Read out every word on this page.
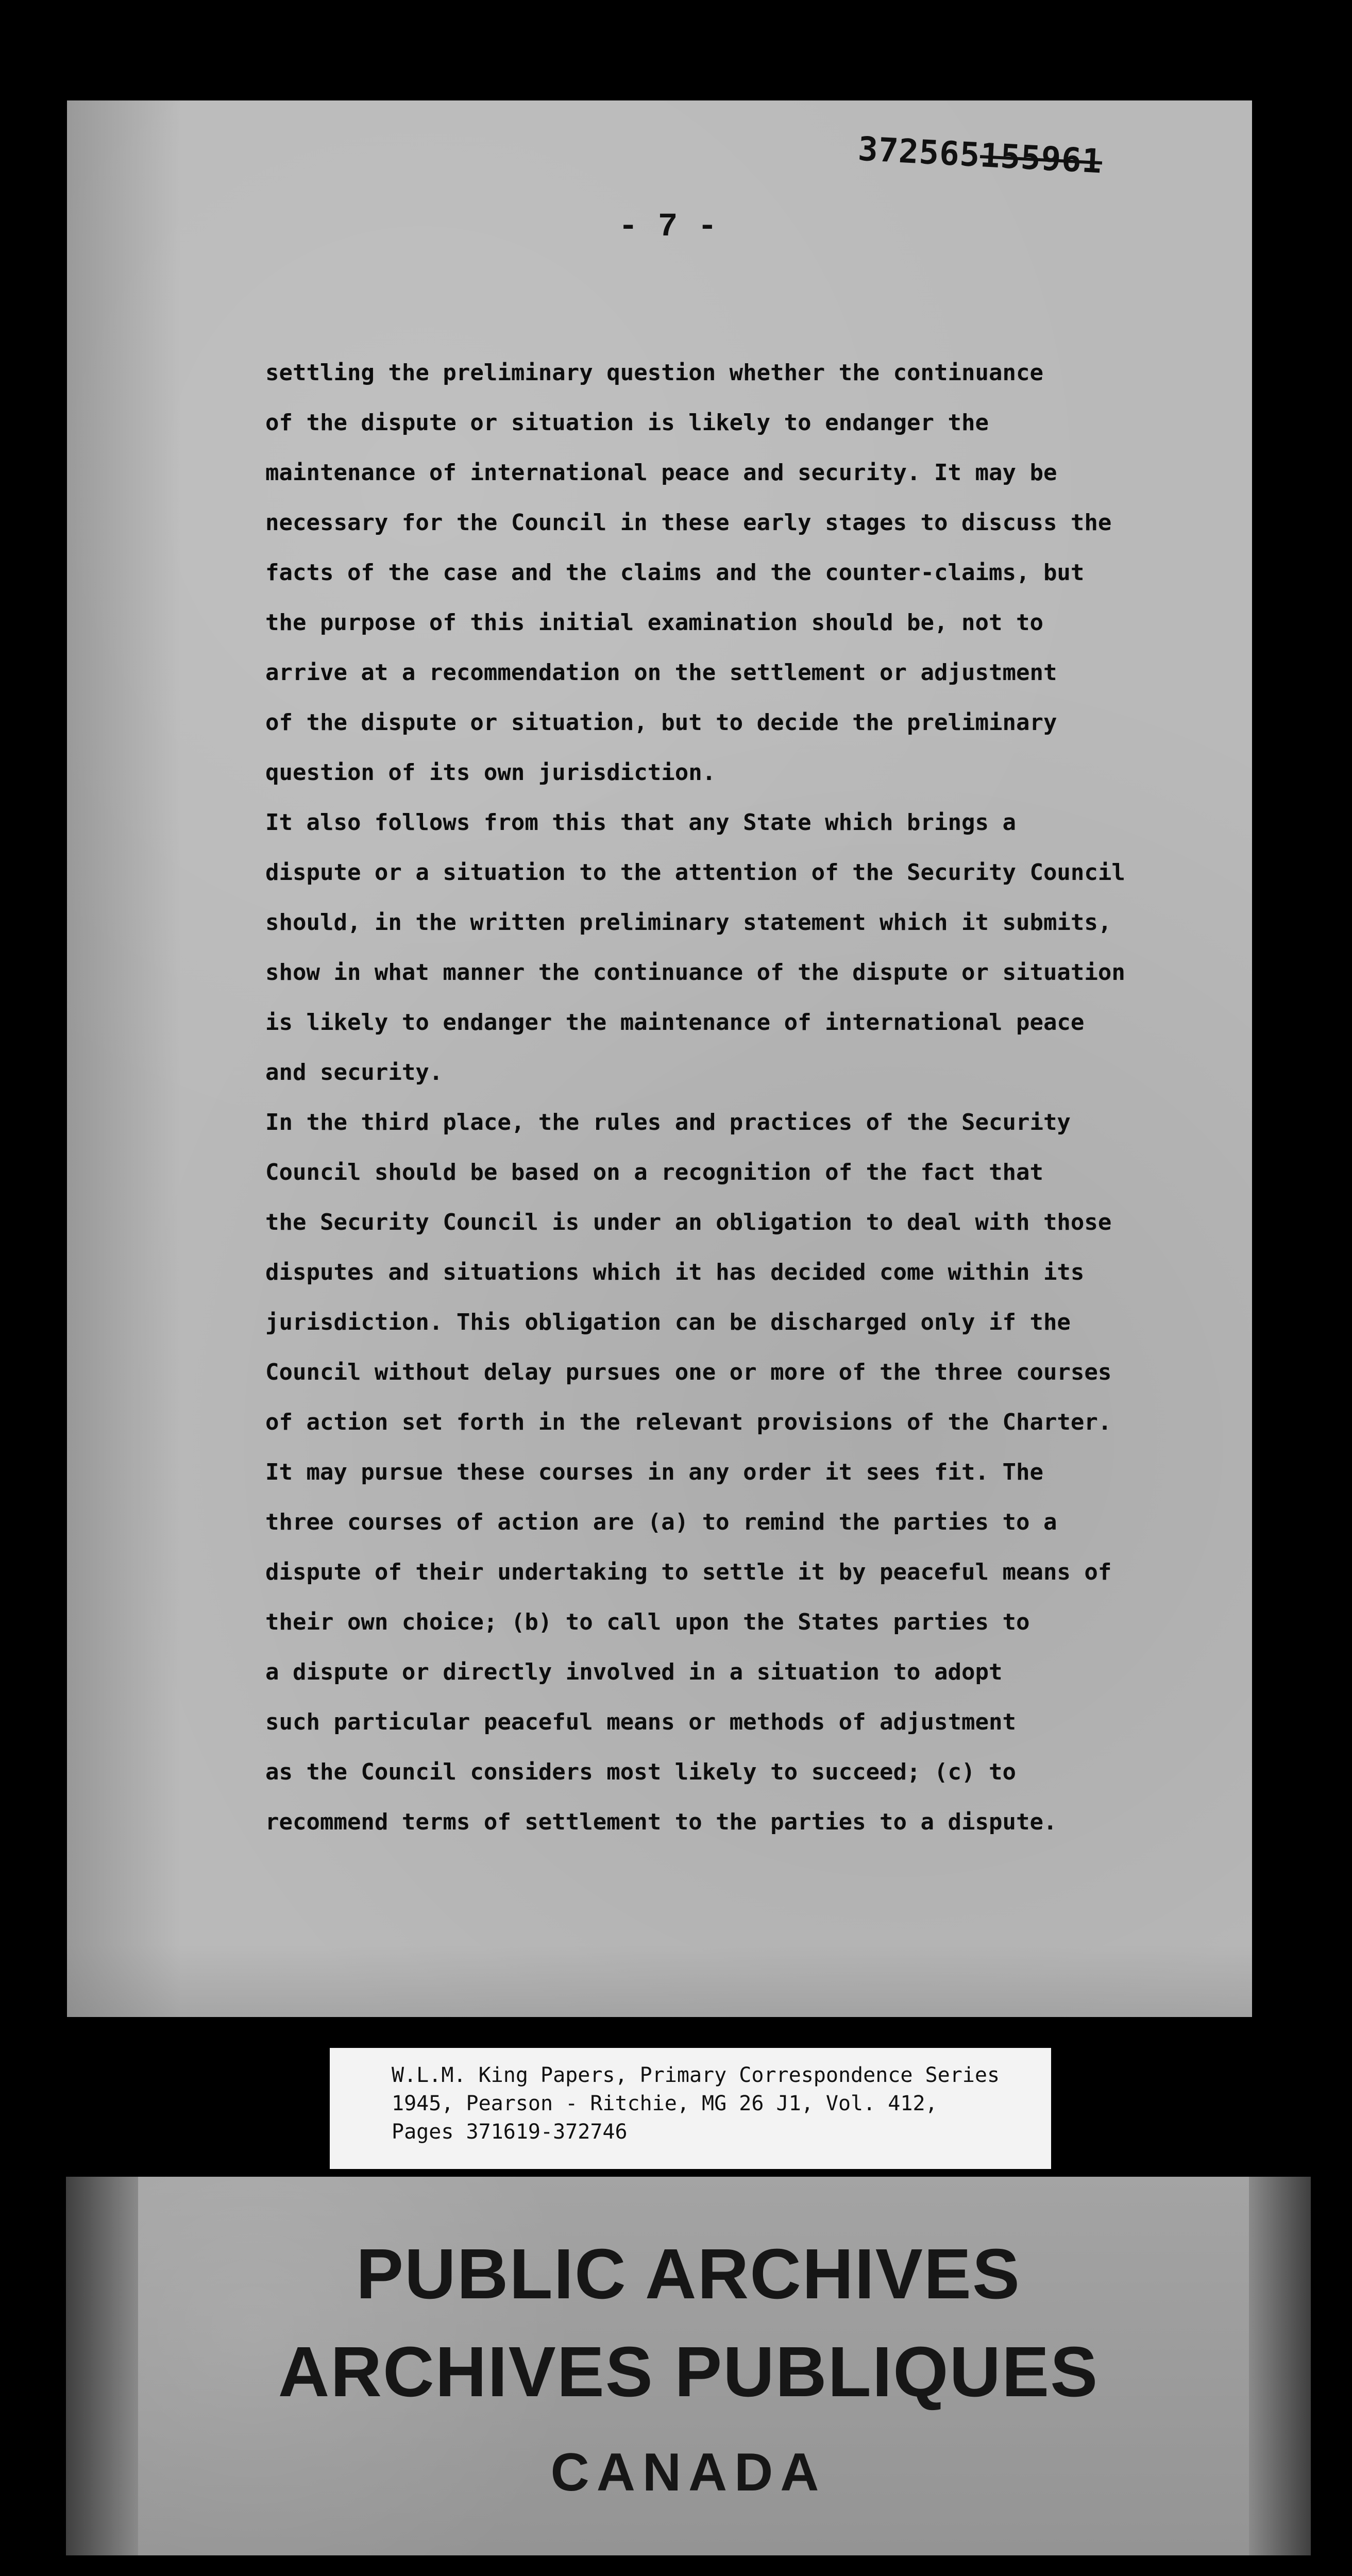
372565155961
- 7 -
settling the preliminary question whether the continuance
of the dispute or situation is likely to endanger the
maintenance of international peace and security. It may be
necessary for the Council in these early stages to discuss the
facts of the case and the claims and the counter-claims, but
the purpose of this initial examination should be, not to
arrive at a recommendation on the settlement or adjustment
of the dispute or situation, but to decide the preliminary
question of its own jurisdiction.
It also follows from this that any State which brings a
dispute or a situation to the attention of the Security Council
should, in the written preliminary statement which it submits,
show in what manner the continuance of the dispute or situation
is likely to endanger the maintenance of international peace
and security.
In the third place, the rules and practices of the Security
Council should be based on a recognition of the fact that
the Security Council is under an obligation to deal with those
disputes and situations which it has decided come within its
jurisdiction. This obligation can be discharged only if the
Council without delay pursues one or more of the three courses
of action set forth in the relevant provisions of the Charter.
It may pursue these courses in any order it sees fit. The
three courses of action are (a) to remind the parties to a
dispute of their undertaking to settle it by peaceful means of
their own choice; (b) to call upon the States parties to
a dispute or directly involved in a situation to adopt
such particular peaceful means or methods of adjustment
as the Council considers most likely to succeed; (c) to
recommend terms of settlement to the parties to a dispute.
W.L.M. King Papers, Primary Correspondence Series
1945, Pearson - Ritchie, MG 26 J1, Vol. 412,
Pages 371619-372746
PUBLIC ARCHIVES
ARCHIVES PUBLIQUES
CANADA
